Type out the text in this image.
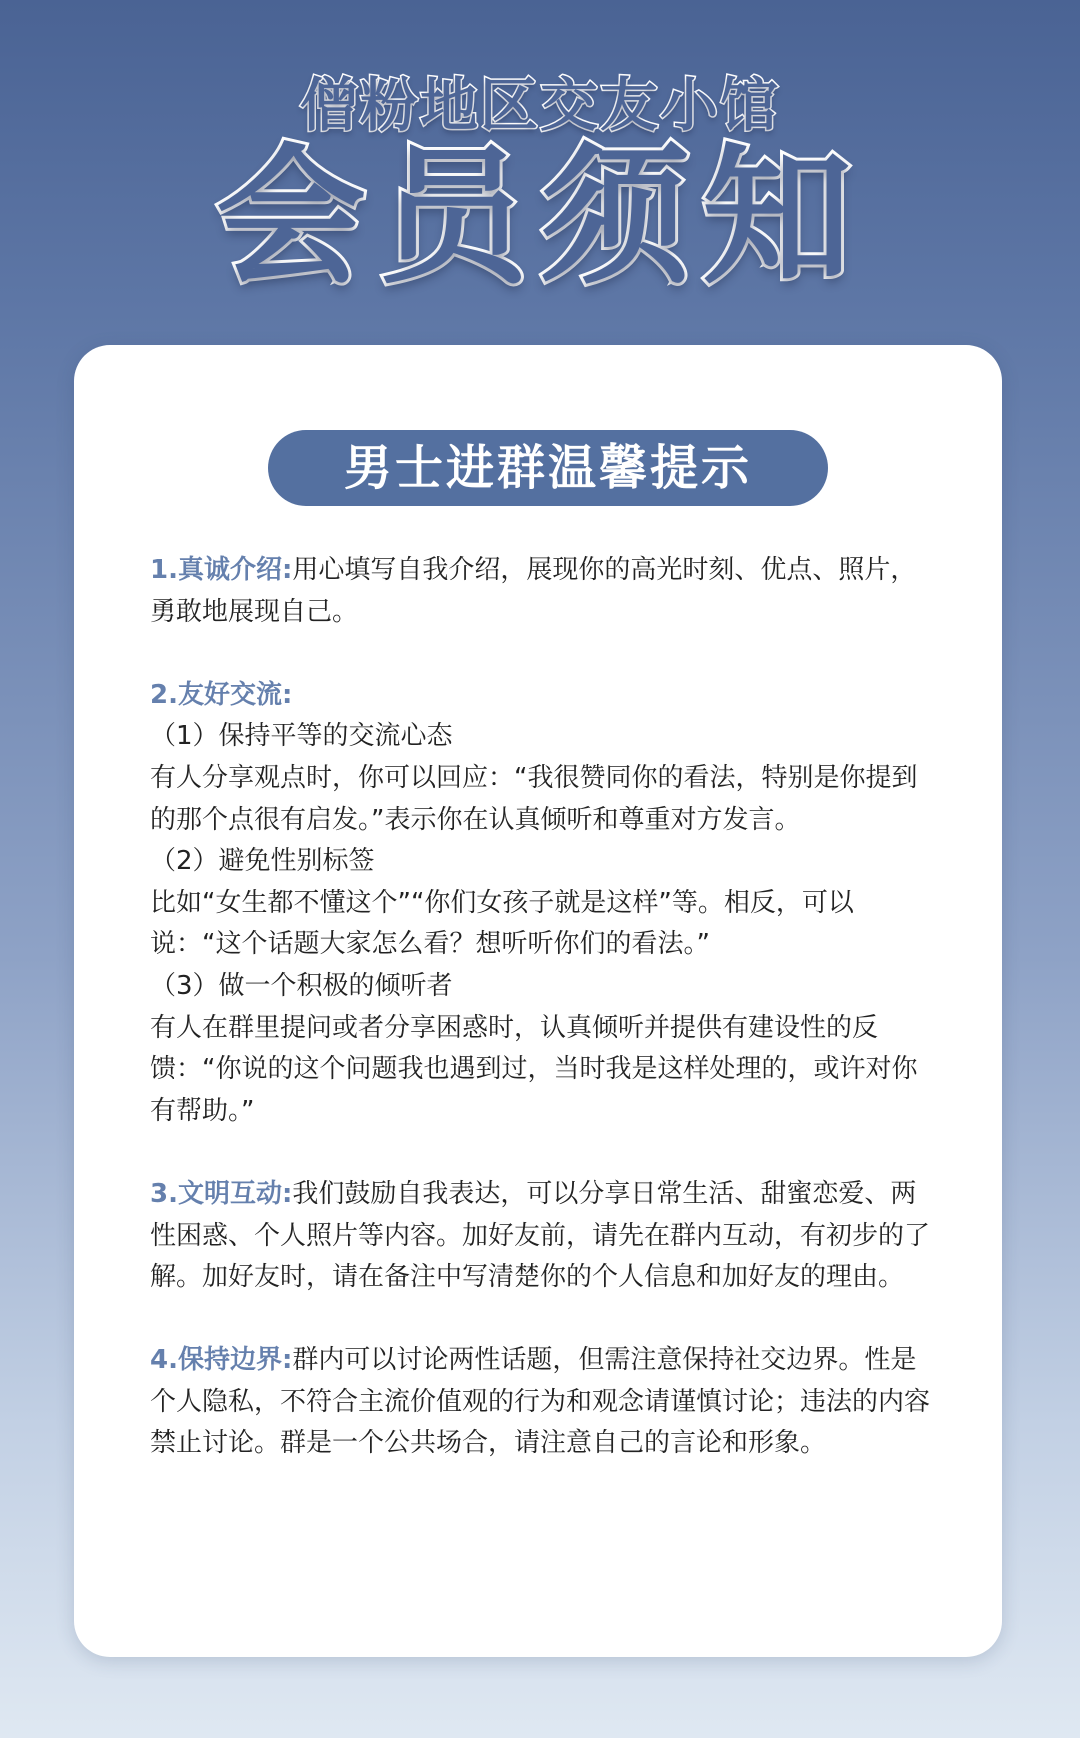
僧粉地区交友小馆
会员须知
男士进群温馨提示

1.真诚介绍:用心填写自我介绍，展现你的高光时刻、优点、照片，勇敢地展现自己。

2.友好交流:

（1）保持平等的交流心态

有人分享观点时，你可以回应：“我很赞同你的看法，特别是你提到的那个点很有启发。”表示你在认真倾听和尊重对方发言。

（2）避免性别标签

比如“女生都不懂这个”“你们女孩子就是这样”等。相反，可以说：“这个话题大家怎么看？想听听你们的看法。”

（3）做一个积极的倾听者

有人在群里提问或者分享困惑时，认真倾听并提供有建设性的反馈：“你说的这个问题我也遇到过，当时我是这样处理的，或许对你有帮助。”

3.文明互动:我们鼓励自我表达，可以分享日常生活、甜蜜恋爱、两性困惑、个人照片等内容。加好友前，请先在群内互动，有初步的了解。加好友时，请在备注中写清楚你的个人信息和加好友的理由。

4.保持边界:群内可以讨论两性话题，但需注意保持社交边界。性是个人隐私，不符合主流价值观的行为和观念请谨慎讨论；违法的内容禁止讨论。群是一个公共场合，请注意自己的言论和形象。
